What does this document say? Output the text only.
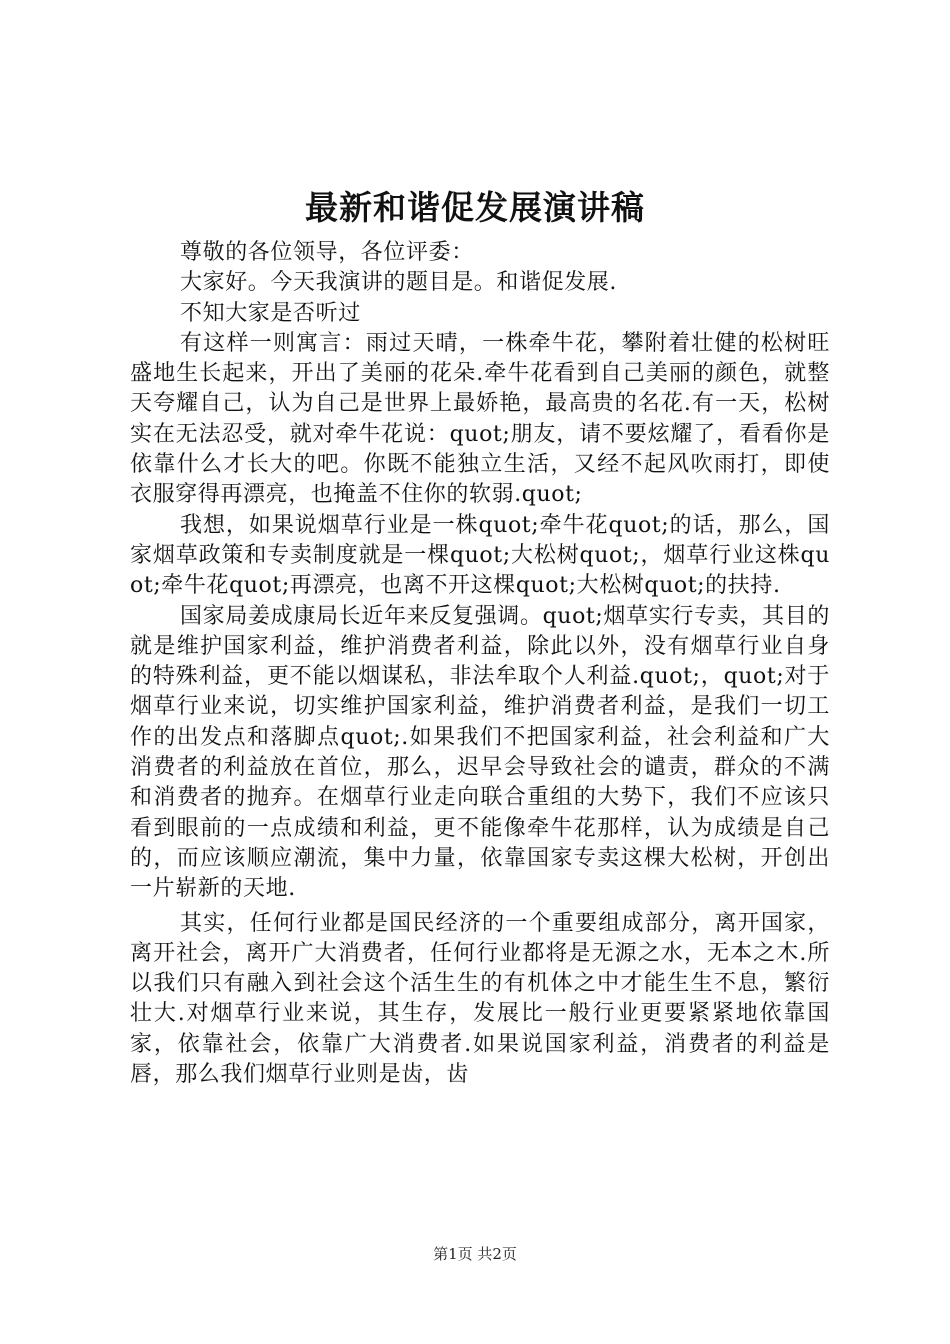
最新和谐促发展演讲稿

尊敬的各位领导，各位评委：

大家好。今天我演讲的题目是。和谐促发展.

不知大家是否听过

有这样一则寓言：雨过天晴，一株牵牛花，攀附着壮健的松树旺盛地生长起来，开出了美丽的花朵.牵牛花看到自己美丽的颜色，就整天夸耀自己，认为自己是世界上最娇艳，最高贵的名花.有一天，松树实在无法忍受，就对牵牛花说：quot;朋友，请不要炫耀了，看看你是依靠什么才长大的吧。你既不能独立生活，又经不起风吹雨打，即使衣服穿得再漂亮，也掩盖不住你的软弱.quot;

我想，如果说烟草行业是一株quot;牵牛花quot;的话，那么，国家烟草政策和专卖制度就是一棵quot;大松树quot;，烟草行业这株quot;牵牛花quot;再漂亮，也离不开这棵quot;大松树quot;的扶持.

国家局姜成康局长近年来反复强调。quot;烟草实行专卖，其目的就是维护国家利益，维护消费者利益，除此以外，没有烟草行业自身的特殊利益，更不能以烟谋私，非法牟取个人利益.quot;，quot;对于烟草行业来说，切实维护国家利益，维护消费者利益，是我们一切工作的出发点和落脚点quot;.如果我们不把国家利益，社会利益和广大消费者的利益放在首位，那么，迟早会导致社会的谴责，群众的不满和消费者的抛弃。在烟草行业走向联合重组的大势下，我们不应该只看到眼前的一点成绩和利益，更不能像牵牛花那样，认为成绩是自己的，而应该顺应潮流，集中力量，依靠国家专卖这棵大松树，开创出一片崭新的天地.

其实，任何行业都是国民经济的一个重要组成部分，离开国家，离开社会，离开广大消费者，任何行业都将是无源之水，无本之木.所以我们只有融入到社会这个活生生的有机体之中才能生生不息，繁衍壮大.对烟草行业来说，其生存，发展比一般行业更要紧紧地依靠国家，依靠社会，依靠广大消费者.如果说国家利益，消费者的利益是唇，那么我们烟草行业则是齿，齿

第1页 共2页
